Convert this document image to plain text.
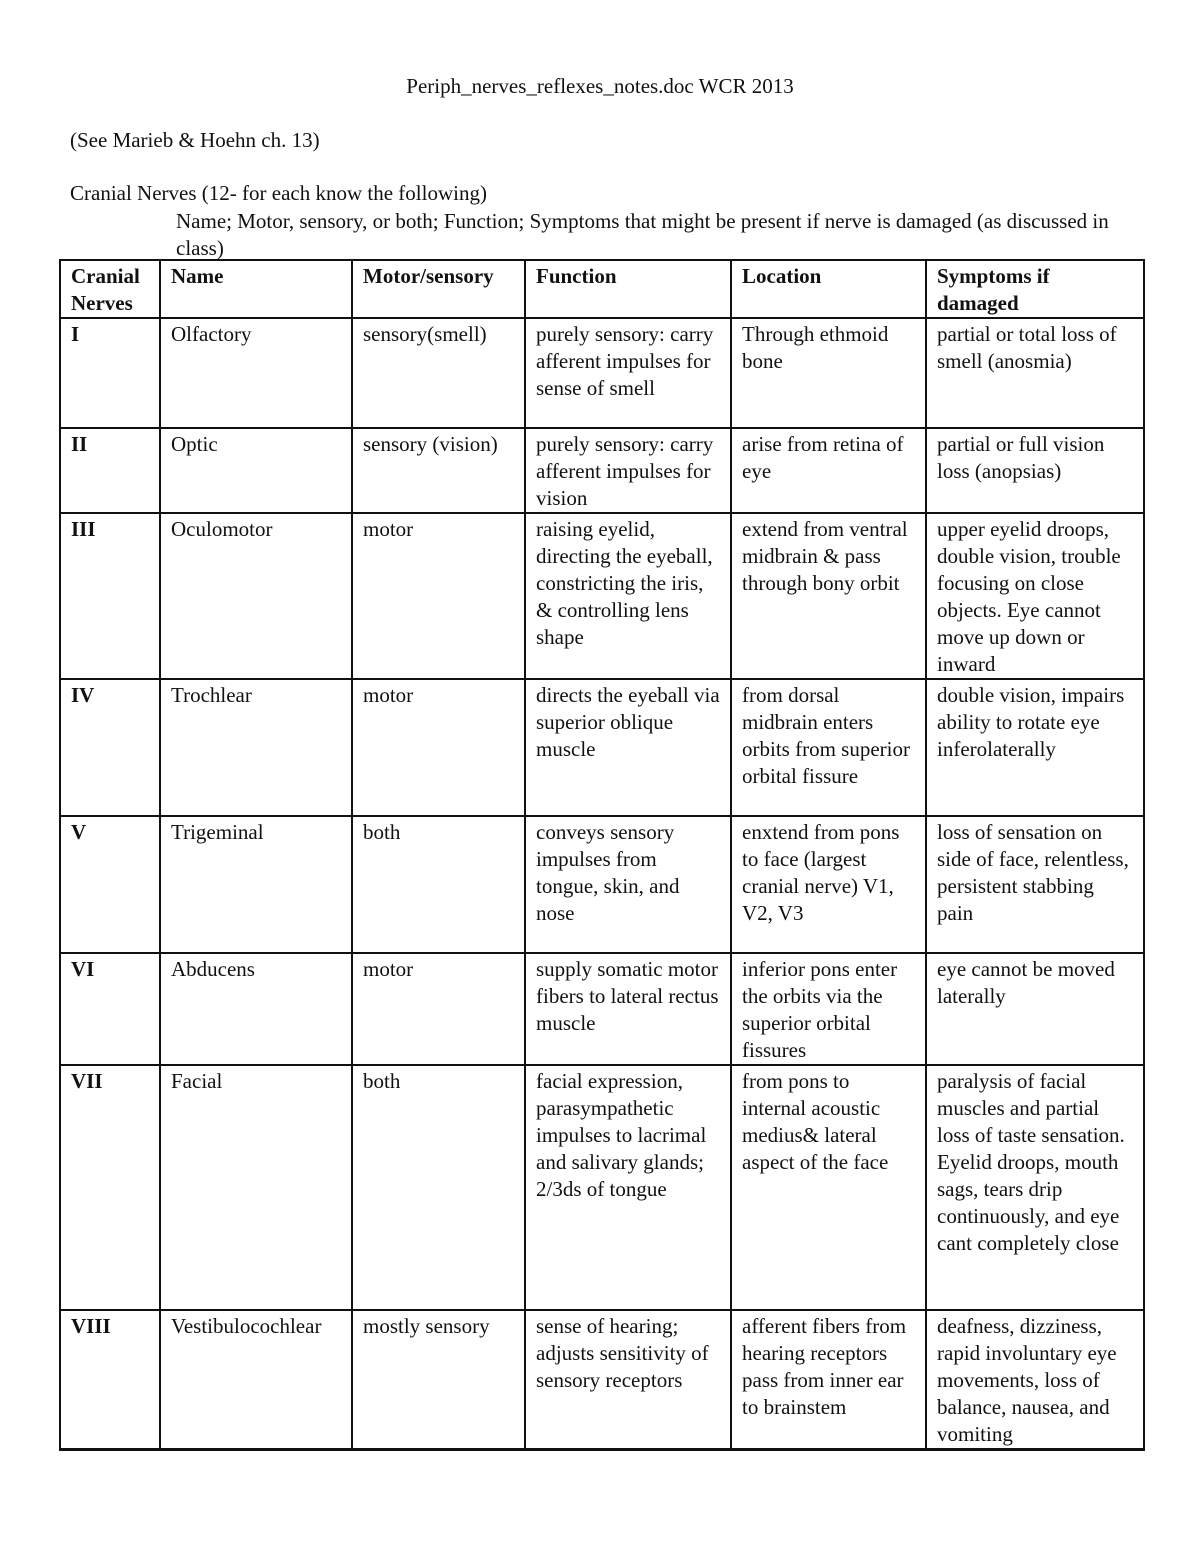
Periph_nerves_reflexes_notes.doc WCR 2013
(See Marieb & Hoehn ch. 13)
Cranial Nerves (12- for each know the following)
Name; Motor, sensory, or both; Function; Symptoms that might be present if nerve is damaged (as discussed in class)
Cranial Nerves	Name	Motor/sensory	Function	Location	Symptoms if damaged
I	Olfactory	sensory(smell)	purely sensory: carry afferent impulses for sense of smell	Through ethmoid bone	partial or total loss of smell (anosmia)
II	Optic	sensory (vision)	purely sensory: carry afferent impulses for vision	arise from retina of eye	partial or full vision loss (anopsias)
III	Oculomotor	motor	raising eyelid, directing the eyeball, constricting the iris, & controlling lens shape	extend from ventral midbrain & pass through bony orbit	upper eyelid droops, double vision, trouble focusing on close objects. Eye cannot move up down or inward
IV	Trochlear	motor	directs the eyeball via superior oblique muscle	from dorsal midbrain enters orbits from superior orbital fissure	double vision, impairs ability to rotate eye inferolaterally
V	Trigeminal	both	conveys sensory impulses from tongue, skin, and nose	enxtend from pons to face (largest cranial nerve) V1, V2, V3	loss of sensation on side of face, relentless, persistent stabbing pain
VI	Abducens	motor	supply somatic motor fibers to lateral rectus muscle	inferior pons enter the orbits via the superior orbital fissures	eye cannot be moved laterally
VII	Facial	both	facial expression, parasympathetic impulses to lacrimal and salivary glands; 2/3ds of tongue	from pons to internal acoustic medius& lateral aspect of the face	paralysis of facial muscles and partial loss of taste sensation. Eyelid droops, mouth sags, tears drip continuously, and eye cant completely close
VIII	Vestibulocochlear	mostly sensory	sense of hearing; adjusts sensitivity of sensory receptors	afferent fibers from hearing receptors pass from inner ear to brainstem	deafness, dizziness, rapid involuntary eye movements, loss of balance, nausea, and vomiting
